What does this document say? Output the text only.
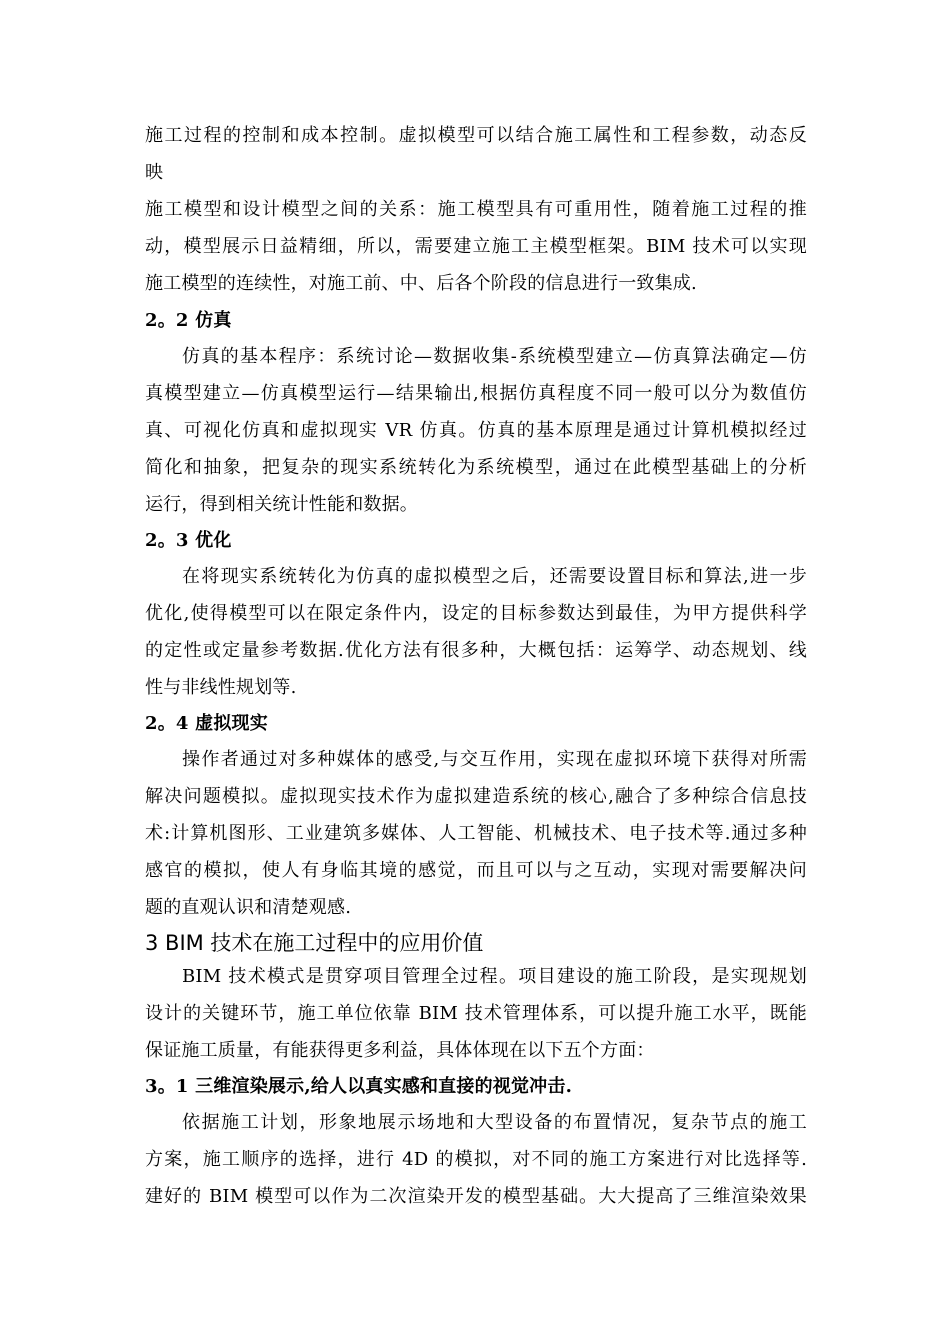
施工过程的控制和成本控制。虚拟模型可以结合施工属性和工程参数，动态反
映
施工模型和设计模型之间的关系：施工模型具有可重用性，随着施工过程的推
动，模型展示日益精细，所以，需要建立施工主模型框架。BIM 技术可以实现
施工模型的连续性，对施工前、中、后各个阶段的信息进行一致集成.
2。2 仿真
仿真的基本程序：系统讨论—数据收集-系统模型建立—仿真算法确定—仿
真模型建立—仿真模型运行—结果输出,根据仿真程度不同一般可以分为数值仿
真、可视化仿真和虚拟现实 VR 仿真。仿真的基本原理是通过计算机模拟经过
简化和抽象，把复杂的现实系统转化为系统模型，通过在此模型基础上的分析
运行，得到相关统计性能和数据。
2。3 优化
在将现实系统转化为仿真的虚拟模型之后，还需要设置目标和算法,进一步
优化,使得模型可以在限定条件内，设定的目标参数达到最佳，为甲方提供科学
的定性或定量参考数据.优化方法有很多种，大概包括：运筹学、动态规划、线
性与非线性规划等.
2。4 虚拟现实
操作者通过对多种媒体的感受,与交互作用，实现在虚拟环境下获得对所需
解决问题模拟。虚拟现实技术作为虚拟建造系统的核心,融合了多种综合信息技
术:计算机图形、工业建筑多媒体、人工智能、机械技术、电子技术等.通过多种
感官的模拟，使人有身临其境的感觉，而且可以与之互动，实现对需要解决问
题的直观认识和清楚观感.
3 BIM 技术在施工过程中的应用价值
BIM 技术模式是贯穿项目管理全过程。项目建设的施工阶段，是实现规划
设计的关键环节，施工单位依靠 BIM 技术管理体系，可以提升施工水平，既能
保证施工质量，有能获得更多利益，具体体现在以下五个方面：
3。1 三维渲染展示,给人以真实感和直接的视觉冲击.
依据施工计划，形象地展示场地和大型设备的布置情况，复杂节点的施工
方案，施工顺序的选择，进行 4D 的模拟，对不同的施工方案进行对比选择等.
建好的 BIM 模型可以作为二次渲染开发的模型基础。大大提高了三维渲染效果
